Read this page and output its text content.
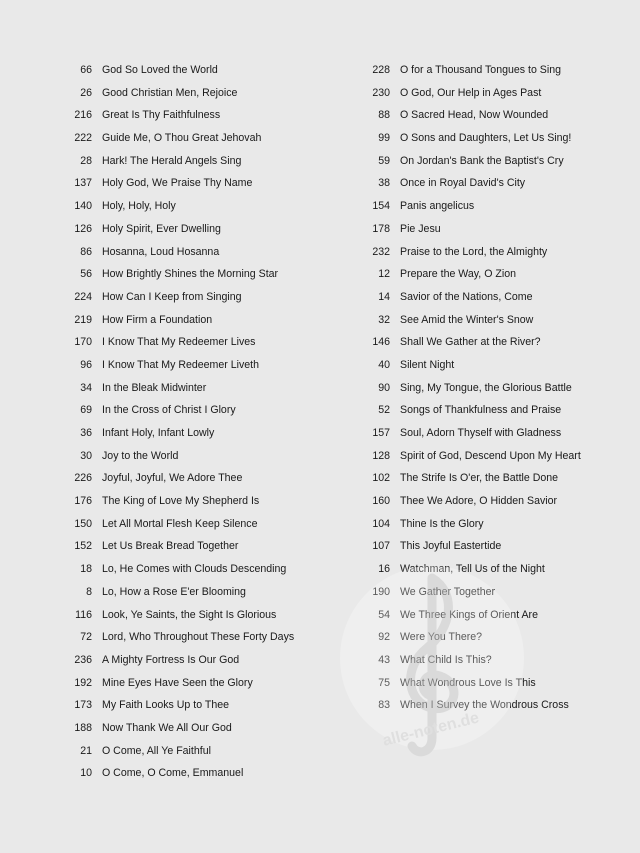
66 God So Loved the World
26 Good Christian Men, Rejoice
216 Great Is Thy Faithfulness
222 Guide Me, O Thou Great Jehovah
28 Hark! The Herald Angels Sing
137 Holy God, We Praise Thy Name
140 Holy, Holy, Holy
126 Holy Spirit, Ever Dwelling
86 Hosanna, Loud Hosanna
56 How Brightly Shines the Morning Star
224 How Can I Keep from Singing
219 How Firm a Foundation
170 I Know That My Redeemer Lives
96 I Know That My Redeemer Liveth
34 In the Bleak Midwinter
69 In the Cross of Christ I Glory
36 Infant Holy, Infant Lowly
30 Joy to the World
226 Joyful, Joyful, We Adore Thee
176 The King of Love My Shepherd Is
150 Let All Mortal Flesh Keep Silence
152 Let Us Break Bread Together
18 Lo, He Comes with Clouds Descending
8 Lo, How a Rose E'er Blooming
116 Look, Ye Saints, the Sight Is Glorious
72 Lord, Who Throughout These Forty Days
236 A Mighty Fortress Is Our God
192 Mine Eyes Have Seen the Glory
173 My Faith Looks Up to Thee
188 Now Thank We All Our God
21 O Come, All Ye Faithful
10 O Come, O Come, Emmanuel
228 O for a Thousand Tongues to Sing
230 O God, Our Help in Ages Past
88 O Sacred Head, Now Wounded
99 O Sons and Daughters, Let Us Sing!
59 On Jordan's Bank the Baptist's Cry
38 Once in Royal David's City
154 Panis angelicus
178 Pie Jesu
232 Praise to the Lord, the Almighty
12 Prepare the Way, O Zion
14 Savior of the Nations, Come
32 See Amid the Winter's Snow
146 Shall We Gather at the River?
40 Silent Night
90 Sing, My Tongue, the Glorious Battle
52 Songs of Thankfulness and Praise
157 Soul, Adorn Thyself with Gladness
128 Spirit of God, Descend Upon My Heart
102 The Strife Is O'er, the Battle Done
160 Thee We Adore, O Hidden Savior
104 Thine Is the Glory
107 This Joyful Eastertide
16 Watchman, Tell Us of the Night
190 We Gather Together
54 We Three Kings of Orient Are
92 Were You There?
43 What Child Is This?
75 What Wondrous Love Is This
83 When I Survey the Wondrous Cross
alle-noten.de
